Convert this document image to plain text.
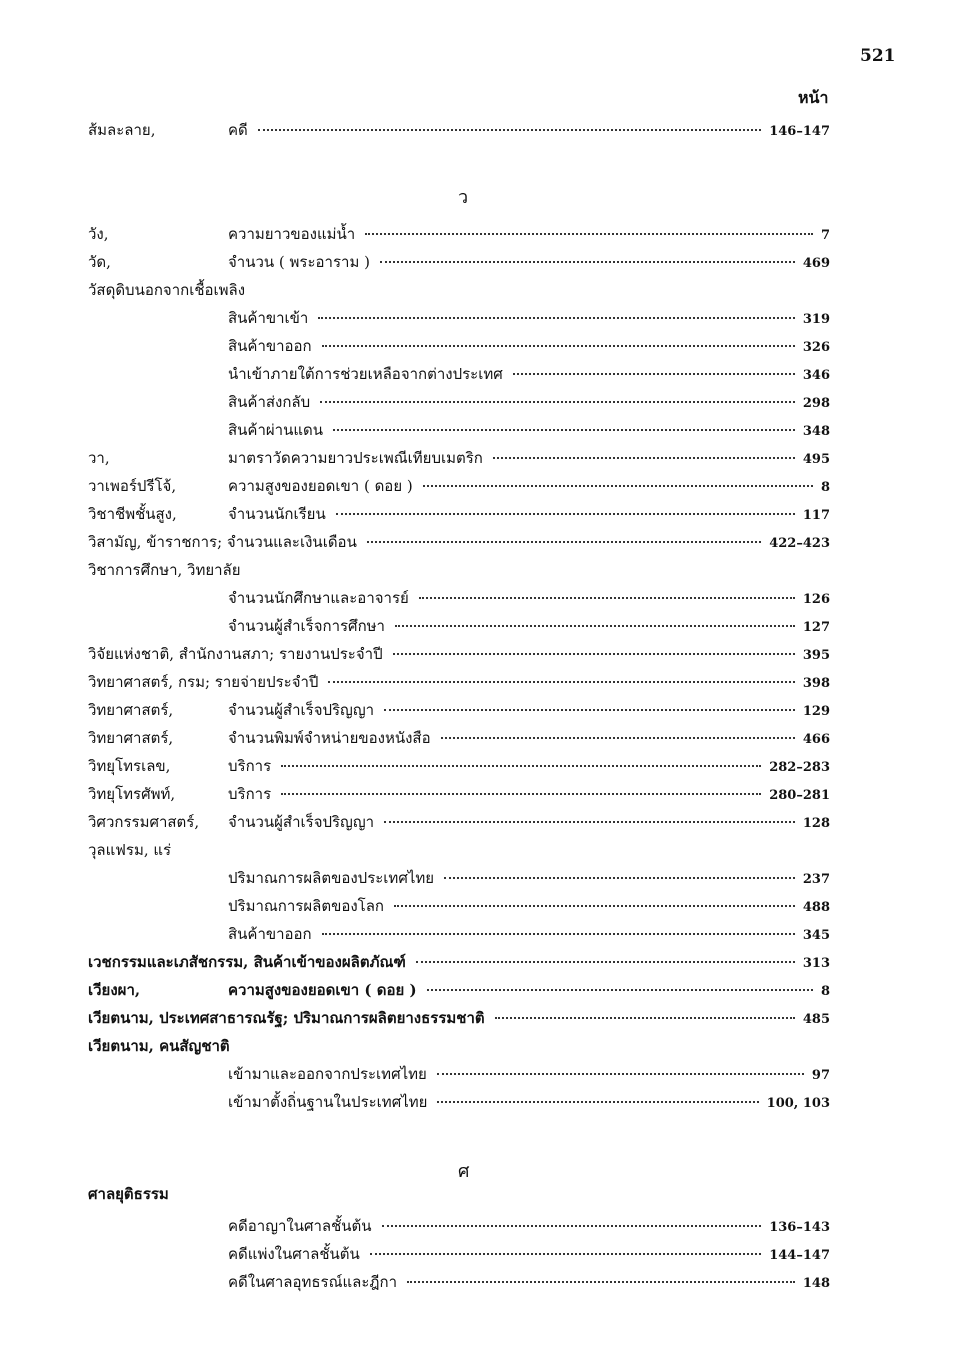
521
หน้า
ส้มละลาย,	คดี	146–147
ว
วัง,	ความยาวของแม่น้ำ	7
วัด,	จำนวน ( พระอาราม )	469
วัสดุดิบนอกจากเชื้อเพลิง
สินค้าขาเข้า	319
สินค้าขาออก	326
นำเข้าภายใต้การช่วยเหลือจากต่างประเทศ	346
สินค้าส่งกลับ	298
สินค้าผ่านแดน	348
วา,	มาตราวัดความยาวประเพณีเทียบเมตริก	495
วาเพอร์ปรีโจ้,	ความสูงของยอดเขา ( ดอย )	8
วิชาชีพชั้นสูง,	จำนวนนักเรียน	117
วิสามัญ, ข้าราชการ; จำนวนและเงินเดือน	422–423
วิชาการศึกษา, วิทยาลัย
จำนวนนักศึกษาและอาจารย์	126
จำนวนผู้สำเร็จการศึกษา	127
วิจัยแห่งชาติ, สำนักงานสภา; รายงานประจำปี	395
วิทยาศาสตร์, กรม; รายจ่ายประจำปี	398
วิทยาศาสตร์,	จำนวนผู้สำเร็จปริญญา	129
วิทยาศาสตร์,	จำนวนพิมพ์จำหน่ายของหนังสือ	466
วิทยุโทรเลข,	บริการ	282–283
วิทยุโทรศัพท์,	บริการ	280–281
วิศวกรรมศาสตร์,	จำนวนผู้สำเร็จปริญญา	128
วุลแฟรม, แร่
ปริมาณการผลิตของประเทศไทย	237
ปริมาณการผลิตของโลก	488
สินค้าขาออก	345
เวชกรรมและเภสัชกรรม, สินค้าเข้าของผลิตภัณฑ์	313
เวียงผา,	ความสูงของยอดเขา ( ดอย )	8
เวียตนาม, ประเทศสาธารณรัฐ; ปริมาณการผลิตยางธรรมชาติ	485
เวียตนาม, คนสัญชาติ
เข้ามาและออกจากประเทศไทย	97
เข้ามาตั้งถิ่นฐานในประเทศไทย	100, 103
ศ
ศาลยุติธรรม
คดีอาญาในศาลชั้นต้น	136–143
คดีแพ่งในศาลชั้นต้น	144–147
คดีในศาลอุทธรณ์และฎีกา	148
